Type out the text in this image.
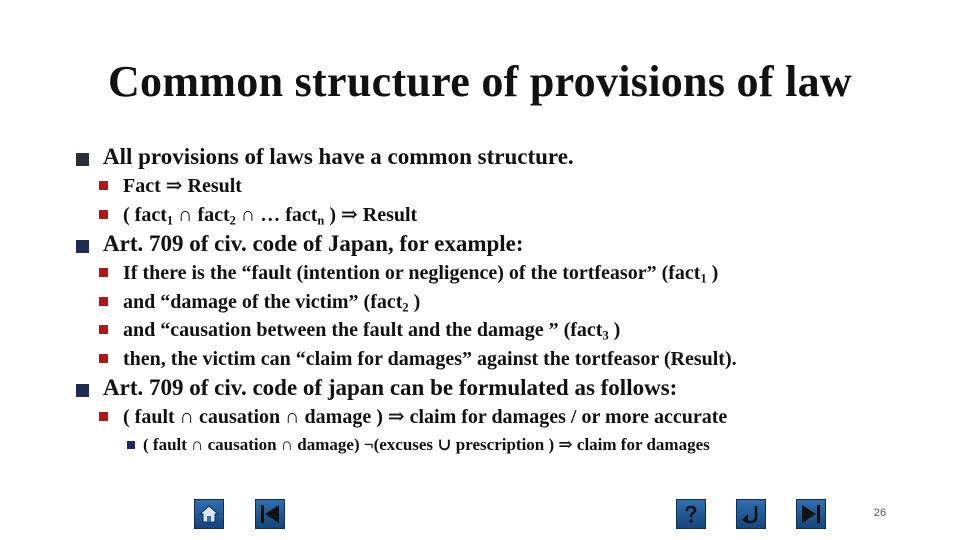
Common structure of provisions of law
All provisions of laws have a common structure.
Fact ⇒ Result
( fact$_1$ ∩ fact$_2$ ∩ … fact$_n$ ) ⇒ Result
Art. 709 of civ. code of Japan, for example:
If there is the “fault (intention or negligence) of the tortfeasor” (fact$_1$ )
and “damage of the victim” (fact$_2$ )
and “causation between the fault and the damage ” (fact$_3$ )
then, the victim can “claim for damages” against the tortfeasor (Result).
Art. 709 of civ. code of japan can be formulated as follows:
( fault ∩ causation ∩ damage ) ⇒ claim for damages / or more accurate
( fault ∩ causation ∩ damage) ¬(excuses ∪ prescription ) ⇒ claim for damages
26
